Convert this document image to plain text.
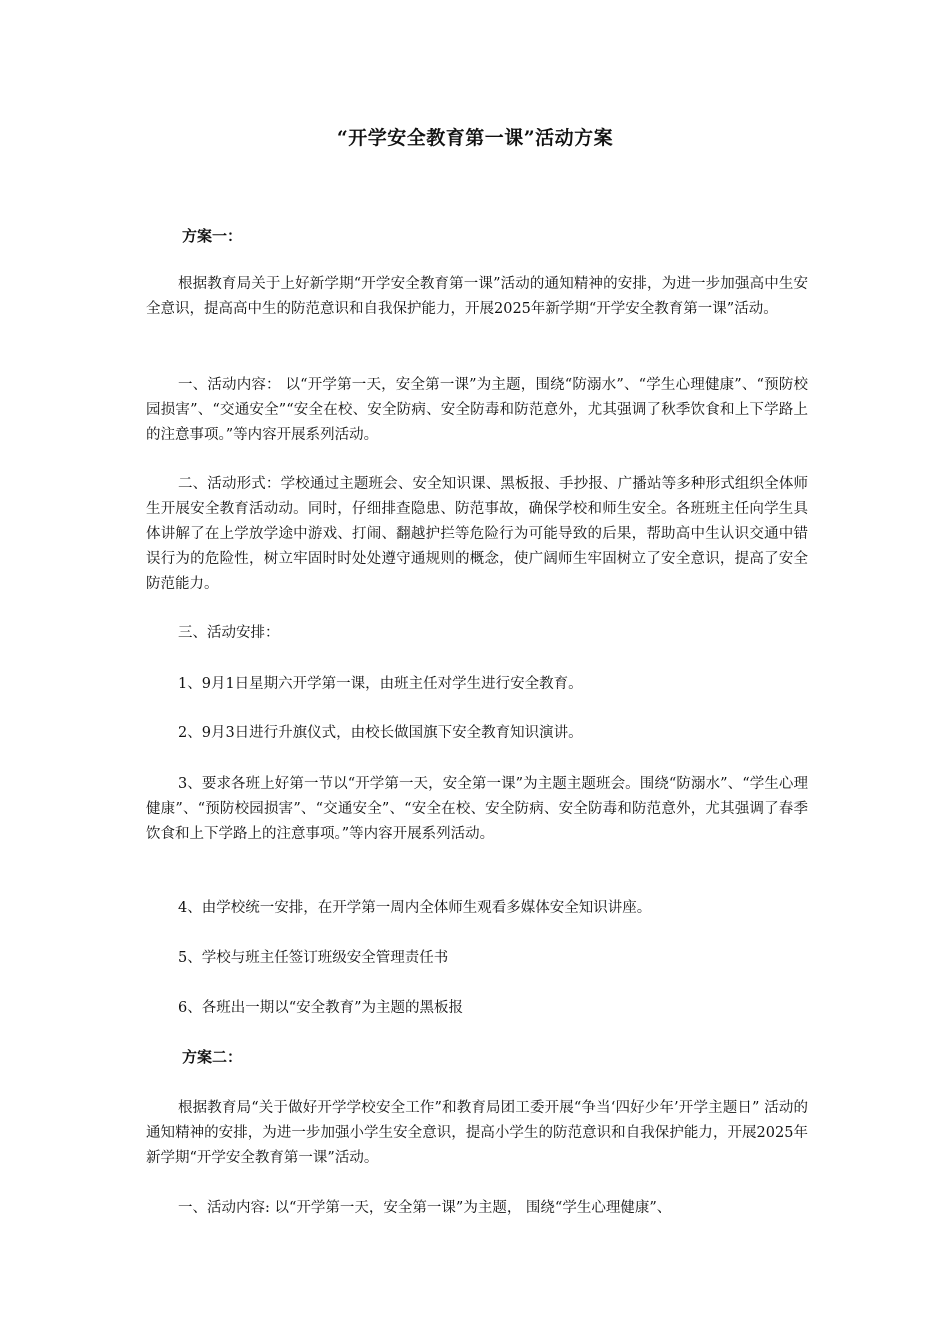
“开学安全教育第一课”活动方案
方案一：
根据教育局关于上好新学期“开学安全教育第一课”活动的通知精神的安排，为进一步加强高中生安全意识，提高高中生的防范意识和自我保护能力，开展2025年新学期“开学安全教育第一课”活动。
一、活动内容： 以“开学第一天，安全第一课”为主题，围绕“防溺水”、“学生心理健康”、“预防校园损害”、“交通安全”“安全在校、安全防病、安全防毒和防范意外，尤其强调了秋季饮食和上下学路上的注意事项。”等内容开展系列活动。
二、活动形式：学校通过主题班会、安全知识课、黑板报、手抄报、广播站等多种形式组织全体师生开展安全教育活动动。同时，仔细排查隐患、防范事故，确保学校和师生安全。各班班主任向学生具体讲解了在上学放学途中游戏、打闹、翻越护拦等危险行为可能导致的后果，帮助高中生认识交通中错误行为的危险性，树立牢固时时处处遵守通规则的概念，使广阔师生牢固树立了安全意识，提高了安全防范能力。
三、活动安排：
1、9月1日星期六开学第一课，由班主任对学生进行安全教育。
2、9月3日进行升旗仪式，由校长做国旗下安全教育知识演讲。
3、要求各班上好第一节以“开学第一天，安全第一课”为主题主题班会。围绕“防溺水”、“学生心理健康”、“预防校园损害”、“交通安全”、“安全在校、安全防病、安全防毒和防范意外，尤其强调了春季饮食和上下学路上的注意事项。”等内容开展系列活动。
4、由学校统一安排，在开学第一周内全体师生观看多媒体安全知识讲座。
5、学校与班主任签订班级安全管理责任书
6、各班出一期以“安全教育”为主题的黑板报
方案二：
根据教育局“关于做好开学学校安全工作”和教育局团工委开展“争当‘四好少年’开学主题日” 活动的通知精神的安排，为进一步加强小学生安全意识，提高小学生的防范意识和自我保护能力，开展2025年新学期“开学安全教育第一课”活动。
一、活动内容: 以“开学第一天，安全第一课”为主题， 围绕“学生心理健康”、
